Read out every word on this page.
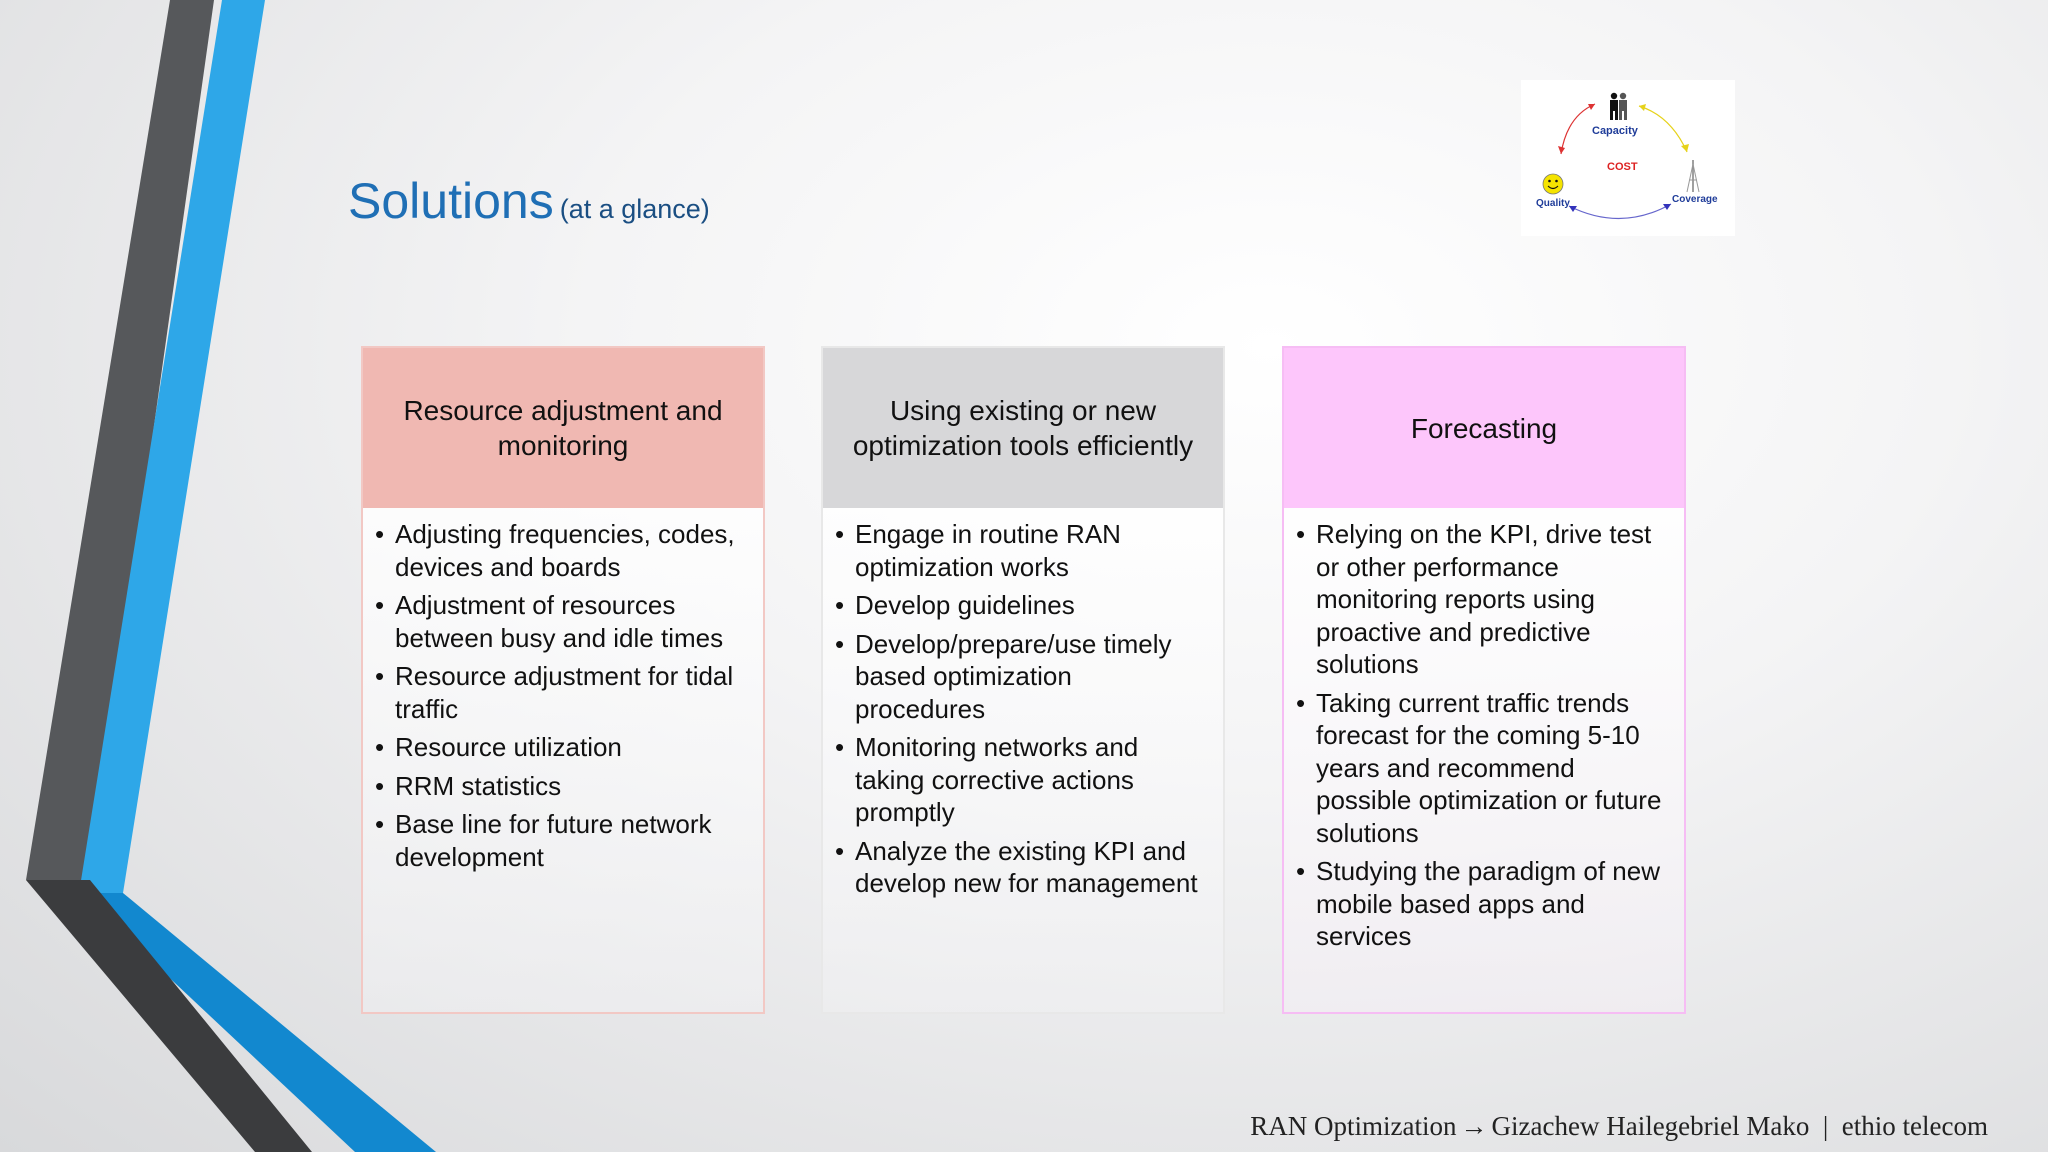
Solutions (at a glance)
Capacity
COST
Quality	Coverage
Resource adjustment and monitoring
• Adjusting frequencies, codes, devices and boards
• Adjustment of resources between busy and idle times
• Resource adjustment for tidal traffic
• Resource utilization
• RRM statistics
• Base line for future network development
Using existing or new optimization tools efficiently
• Engage in routine RAN optimization works
• Develop guidelines
• Develop/prepare/use timely based optimization procedures
• Monitoring networks and taking corrective actions promptly
• Analyze the existing KPI and develop new for management
Forecasting
• Relying on the KPI, drive test or other performance monitoring reports using proactive and predictive solutions
• Taking current traffic trends forecast for the coming 5-10 years and recommend possible optimization or future solutions
• Studying the paradigm of new mobile based apps and services
RAN Optimization → Gizachew Hailegebriel Mako  |  ethio telecom
